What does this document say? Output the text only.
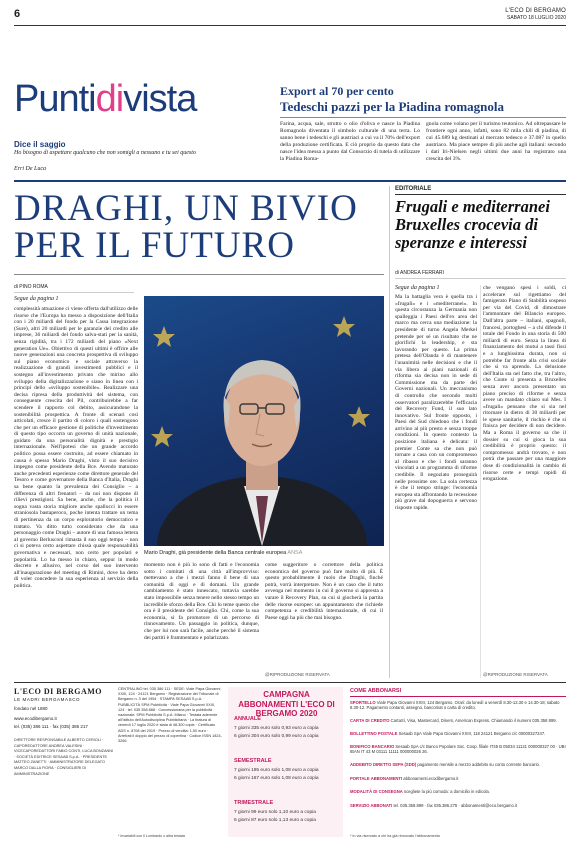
6	L'ECO DI BERGAMO
SABATO 18 LUGLIO 2020
Puntidivista
Dice il saggio
Ho bisogno di aspettare qualcuno che non somigli a nessuno e tu sei questo
Erri De Luca
Export al 70 per cento
Tedeschi pazzi per la Piadina romagnola
Farina, acqua, sale, strutto o olio d'oliva e nasce la Piadina Romagnola diventata il simbolo culturale di una terra. Lo sanno bene i tedeschi e gli austriaci a cui va il 70% dell'export della produzione certificata. E ciò proprio da questo dato che nasce l'idea messa a punto dal Consorzio di tutela di utilizzare la Piadina Roma-
gnola come volano per il turismo teutonico. Ad oltrepassare le frontiere ogni anno, infatti, sono 82 mila chili di piadina, di cui 45.689 kg destinati al mercato tedesco e 37.087 in quello austriaco. Ma piace sempre di più anche agli italiani: secondo i dati Iri-Nielsen negli ultimi due anni ha registrato una crescita del 3%.
DRAGHI, UN BIVIO PER IL FUTURO
di PINO ROMA
Segue da pagina 1
complessità attuazione ci viene offerta dall'utilizzo delle risorse che l'Europa ha messo a disposizione dell'Italia con i 20 miliardi del fondo per la Cassa integrazione (Sure), altri 20 miliardi per le garanzie del credito alle imprese, 36 miliardi del fondo salva-stati per la sanità, senza rigidità, tra i 172 miliardi del piano «Next generation Ue». Obiettivo di questi ultimi è offrire alle nuove generazioni una concreta prospettiva di sviluppo sul piano economico e sociale attraverso la realizzazione di grandi investimenti pubblici e il sostegno all'investimento privato che mirino allo sviluppo della digitalizzazione e siano in linea con i principi dello «sviluppo sostenibile». Realizzare una decisa ripresa della produttività del sistema, con conseguente crescita del Pil, contribuirebbe a far scendere il rapporto col debito, assicurandone la sostenibilità prospettica. A fronte di scenari così articolati, cresce il partito di coloro i quali sostengono che per un efficace gestione di politiche d'investimento di questo tipo occorra un governo di unità nazionale, guidato da una personalità dignità e prestigio internazionale. Nell'ipotesi che un grande accordo politico possa essere costruito, ad essere chiamato in causa è spesso Mario Draghi, visto il suo decisivo impegno come presidente della Bce. Avendo maturato anche precedenti esperienze come direttore generale del Tesoro e come governatore della Banca d'Italia, Draghi sa bene quanto la prevalenza dei Consiglio – a differenza di altri frenatori – da noi non dispone di rilievi prestigiosi. Sa bene, anche, che la politica il sogna vasta storia migliore anche spallucci in essere straniosola bastaperoco, poche intenta trattare un tema di pertinenza da un corpo esploratorio democratico e trattato. Va ditto tutto considerato che da una personaggio come Draghi – autore di una famosa lettera al governo Berlusconi rimasta il suo oggi tempo – non ci si poteva certo aspettare chissà quale responsabilità governativa e necessari, non certo per popolari e popolarità. Lo ha messo in chiaro, seppur in modo discreto e allusivo, nel corso del suo intervento all'inaugurazione del meeting di Rimini, dove ha detto di voler concedere la sua esperienza al servizio della politica.
Mario Draghi, già presidente della Banca centrale europea ANSA
momento non è più lo sono di fatti e l'economia sotto i comitati di una città all'improvviso: mettevano a che i mezzi fanno il bene di una comunità di oggi e di domani. Un grande cambiamento è stato innescato, tuttavia sarebbe stato impossibile senza tenere nello stesso tempo un incredibile sforzo della Bce. Chi lo teme questo che ora è il presidente del Consiglio. Chi, come la sua economia, si fa promotore di un percorso di rinnovamento. Un passaggio in politica, dunque, che per lui non sarà facile, anche perché il sistema dei partiti è frammentato e polarizzato.
come suggeritore o correttore della politica economica del governo può fare molto di più. È questo probabilmente il ruolo che Draghi, finché potrà, vorrà interpretare. Non è un caso che il tutto avvenga nel momento in cui il governo si appresta a varare il Recovery Plan, su cui si giocherà la partita delle risorse europee: un appuntamento che richiede competenza e credibilità internazionale, di cui il Paese oggi ha più che mai bisogno.
@RIPRODUZIONE RISERVATA
EDITORIALE
Frugali e mediterranei Bruxelles crocevia di speranze e interessi
di ANDREA FERRARI
Segue da pagina 1
Ma la battaglia vera è quella tra i «frugali» e i «mediterranei». In questa circostanza la Germania non spalleggia i Paesi dell'ex area del marco ma cerca una mediazione: la presidente di turno Angela Merkel pretende per sé un risultato che ne glorifichi la leadership, e sta lavorando per questo. La prima pretesa dell'Olanda è di mantenere l'unanimità nelle decisioni e che il via libera ai piani nazionali di riforma sia decisa non in sede di Commissione ma da parte dei Governi nazionali. Un meccanismo di controllo che secondo molti osservatori paralizzerebbe l'efficacia del Recovery Fund, il suo lato innovativo. Sul fronte opposto, i Paesi del Sud chiedono che i fondi arrivino al più presto e senza troppe condizioni. In questo contesto la posizione italiana è delicata: il premier Conte sa che non può tornare a casa con un compromesso al ribasso e che i fondi saranno vincolati a un programma di riforme credibile. Il negoziato proseguirà nelle prossime ore. La sola certezza è che il tempo stringe: l'economia europea sta affrontando la recessione più grave dal dopoguerra e servono risposte rapide.
che vengano spesi i soldi, ci accelerare sul rigettiamo del famigerato Piano di Stabilità sospeso per via del Covid, di dimostrare l'ammontare del Bilancio europeo. Dall'altra parte – italiani, spagnoli, francesi, portoghesi – a chi difende il totale del Fondo in una storia di 500 miliardi di euro. Senza la linea di finanziamento dei mutui a tassi fissi e a lunghissima durata, non si potrebbe far fronte alla crisi sociale che si va aprendo. La delusione dell'Italia sta nel fatto che, tra l'altro, che Conte si presenta a Bruxelles senza aver ancora presentato un piano preciso di riforme e senza avere un mandato chiaro sul Mes. I «frugali» pensano che si sia nel ritornare in dietro di 30 miliardi per le spese sanitarie, il rischio è che si finisca per decidere di non decidere. Ma a Roma il governo sa che il dossier su cui si gioca la sua credibilità è proprio questo: il compromesso andrà trovato, e non potrà che passare per una maggiore dose di condizionalità in cambio di risorse certe e tempi rapidi di erogazione.
@RIPRODUZIONE RISERVATA
L'ECO DI BERGAMO
LE MADRI BERGAMASCO
fondato nel 1880
www.ecodibergamo.it
tel. (035) 386 111 · fax (035) 386 217
DIRETTORE RESPONSABILE ALBERTO CERIOLI · CAPOREDATTORE ANDREA VALESINI · VICECAPOREDATTORI FABIO CONTI, LUCA BONZANNI · SOCIETÀ EDITRICE SESAAB S.p.A. · PRESIDENTE MATTEO ZANETTI · AMMINISTRATORE DELEGATO MARCO DALLA FIORA · CONSIGLIERI DI AMMINISTRAZIONE
CENTRALINO tel. 035 386 111 · SEDE: Viale Papa Giovanni XXIII, 124 · 24121 Bergamo · Registrazione del Tribunale di Bergamo n. 3 del 1954 · STAMPA SESAAB S.p.A. · PUBBLICITÀ SPM Pubblicità · Viale Papa Giovanni XXIII, 124 · tel. 035 358 888 · Concessionaria per la pubblicità nazionale: SPM Pubblicità S.p.A. Milano · Testata aderente all'Istituto dell'Autodisciplina Pubblicitaria · La tiratura di venerdì 17 luglio 2020 è stata di 48.300 copie · Certificato ADS n. 8708 del 2019 · Prezzo di vendita: 1,50 euro · Arretrati il doppio del prezzo di copertina · Codice ISSN 1824-3266
* invariabili con Il Lombardo o altra testata
CAMPAGNA ABBONAMENTI L'ECO DI BERGAMO 2020
ANNUALE
7 giorni 335 euro solo 0,93 euro a copia
6 giorni 304 euro solo 0,99 euro a copia
SEMESTRALE
7 giorni 195 euro solo 1,08 euro a copia
6 giorni 167 euro solo 1,08 euro a copia
TRIMESTRALE
7 giorni 99 euro solo 1,10 euro a copia
6 giorni 87 euro solo 1,13 euro a copia
COME ABBONARSI
SPORTELLO Viale Papa Giovanni XXIII, 124 Bergamo. Orari: da lunedì a venerdì 8.30-12.30 e 14.30-18; sabato 8.30-12. Pagamento contanti, assegno, bancomat o carta di credito.
CARTA DI CREDITO CartaSì, Visa, Mastercard, Diners, American Express. Chiamando il numero 035 358 899.
BOLLETTINO POSTALE Sesaab SpA Viale Papa Giovanni XXIII, 118 24121 Bergamo c/c 00000327247.
BONIFICO BANCARIO Sesaab SpA c/c Banco Popolare Soc. Coop. filiale IT45 B 05034 11121 000000327 00 · UBI IBAN IT 43 M 03111 11111 000000026 26.
ADDEBITO DIRETTO SEPA (SDD) pagamento mensile a mezzo addebito su conto corrente bancario.
PORTALE ABBONAMENTI abbonamenti.ecodibergamo.it
MODALITÀ DI CONSEGNA scegliete la più comoda: a domicilio in edicola.
SERVIZIO ABBONATI tel. 035.358.899 · fax 035.386.275 · abbonamenti@eco.bergamo.it
* in via riservato a chi ha già rinnovato l'abbonamento
